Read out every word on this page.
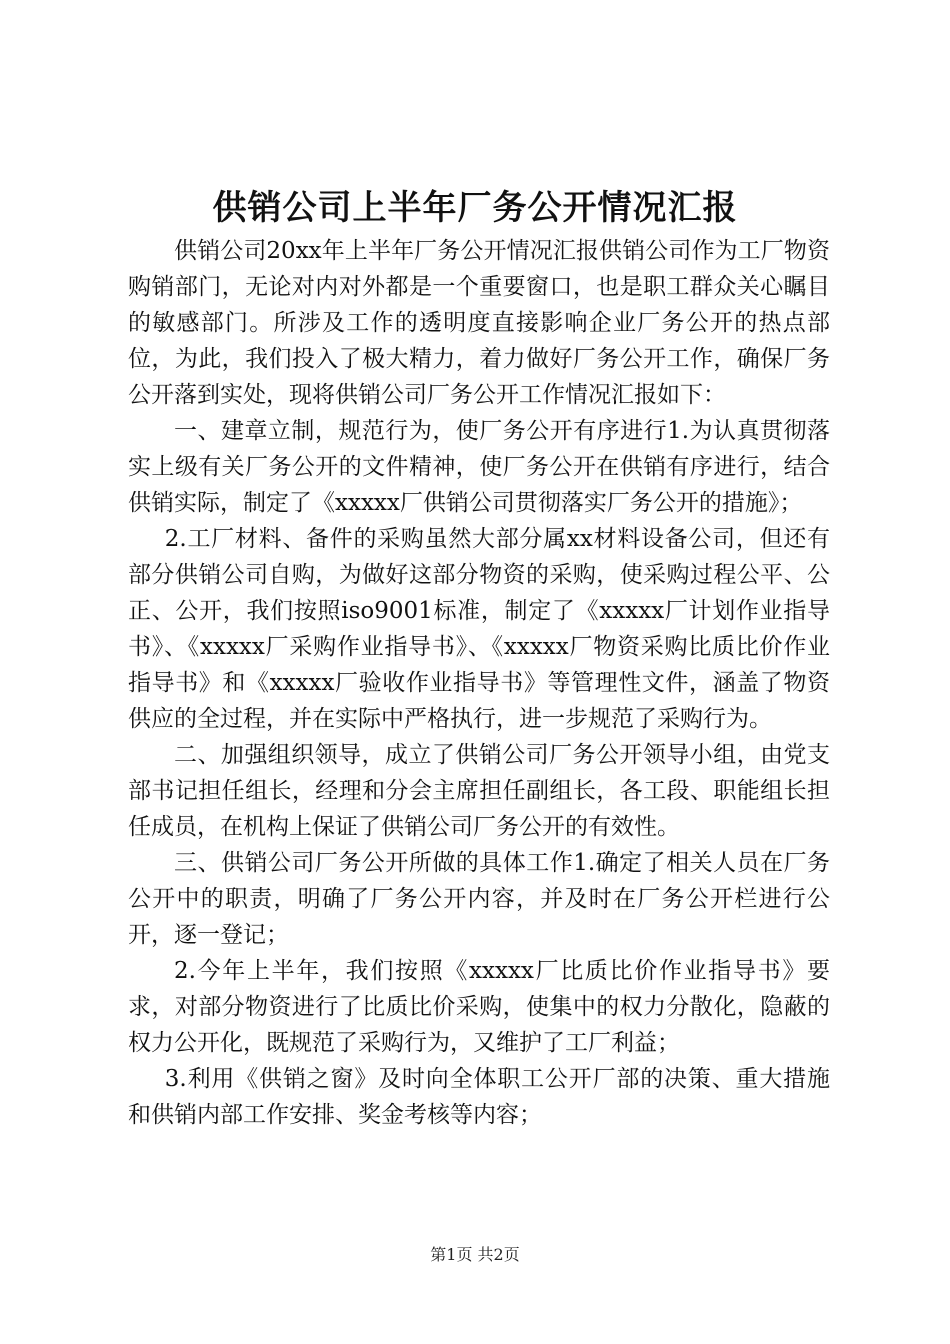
供销公司上半年厂务公开情况汇报

供销公司20xx年上半年厂务公开情况汇报供销公司作为工厂物资购销部门，无论对内对外都是一个重要窗口，也是职工群众关心瞩目的敏感部门。所涉及工作的透明度直接影响企业厂务公开的热点部位，为此，我们投入了极大精力，着力做好厂务公开工作，确保厂务公开落到实处，现将供销公司厂务公开工作情况汇报如下：

一、建章立制，规范行为，使厂务公开有序进行1.为认真贯彻落实上级有关厂务公开的文件精神，使厂务公开在供销有序进行，结合供销实际，制定了《xxxxx厂供销公司贯彻落实厂务公开的措施》；

2.工厂材料、备件的采购虽然大部分属xx材料设备公司，但还有部分供销公司自购，为做好这部分物资的采购，使采购过程公平、公正、公开，我们按照iso9001标准，制定了《xxxxx厂计划作业指导书》、《xxxxx厂采购作业指导书》、《xxxxx厂物资采购比质比价作业指导书》和《xxxxx厂验收作业指导书》等管理性文件，涵盖了物资供应的全过程，并在实际中严格执行，进一步规范了采购行为。

二、加强组织领导，成立了供销公司厂务公开领导小组，由党支部书记担任组长，经理和分会主席担任副组长，各工段、职能组长担任成员，在机构上保证了供销公司厂务公开的有效性。

三、供销公司厂务公开所做的具体工作1.确定了相关人员在厂务公开中的职责，明确了厂务公开内容，并及时在厂务公开栏进行公开，逐一登记；

2.今年上半年，我们按照《xxxxx厂比质比价作业指导书》要求，对部分物资进行了比质比价采购，使集中的权力分散化，隐蔽的权力公开化，既规范了采购行为，又维护了工厂利益；

3.利用《供销之窗》及时向全体职工公开厂部的决策、重大措施和供销内部工作安排、奖金考核等内容；

第1页 共2页
